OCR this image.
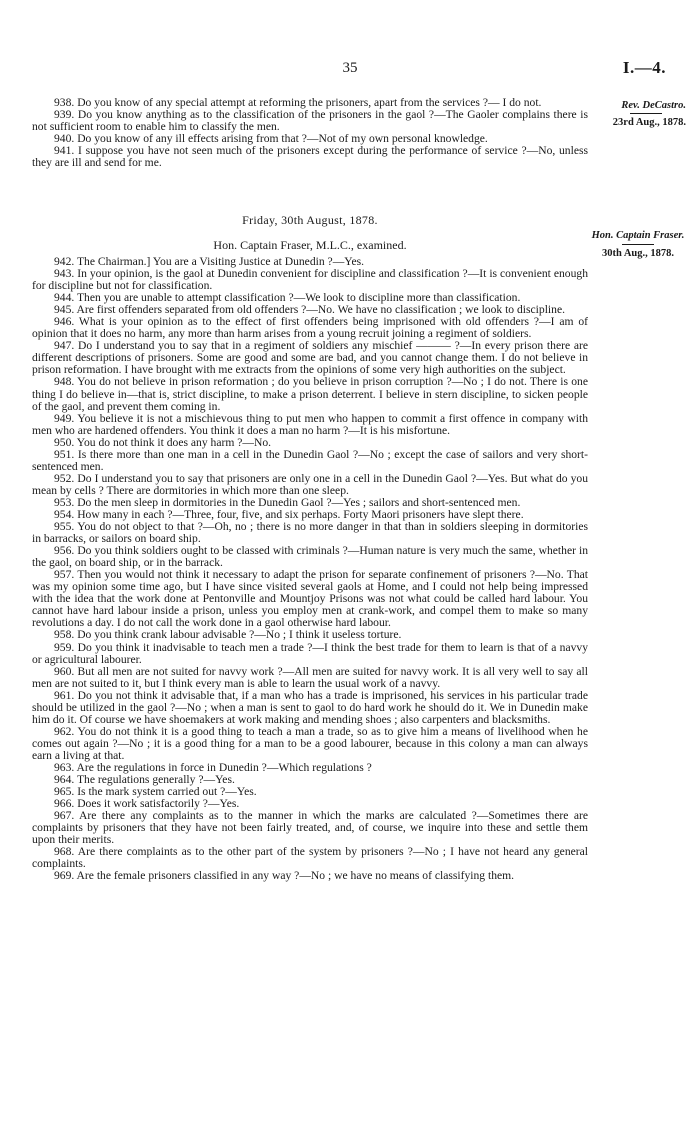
35	I.—4.
Rev. DeCastro.
23rd Aug., 1878.

938. Do you know of any special attempt at reforming the prisoners, apart from the services ?— I do not.

939. Do you know anything as to the classification of the prisoners in the gaol ?—The Gaoler complains there is not sufficient room to enable him to classify the men.

940. Do you know of any ill effects arising from that ?—Not of my own personal knowledge.

941. I suppose you have not seen much of the prisoners except during the performance of service ?—No, unless they are ill and send for me.

Friday, 30th August, 1878.
Hon. Captain Fraser, M.L.C., examined.
Hon. Captain Fraser.
30th Aug., 1878.

942. The Chairman.] You are a Visiting Justice at Dunedin ?—Yes.

943. In your opinion, is the gaol at Dunedin convenient for discipline and classification ?—It is convenient enough for discipline but not for classification.

944. Then you are unable to attempt classification ?—We look to discipline more than classification.

945. Are first offenders separated from old offenders ?—No. We have no classification ; we look to discipline.

946. What is your opinion as to the effect of first offenders being imprisoned with old offenders ?—I am of opinion that it does no harm, any more than harm arises from a young recruit joining a regiment of soldiers.

947. Do I understand you to say that in a regiment of soldiers any mischief ——— ?—In every prison there are different descriptions of prisoners. Some are good and some are bad, and you cannot change them. I do not believe in prison reformation. I have brought with me extracts from the opinions of some very high authorities on the subject.

948. You do not believe in prison reformation ; do you believe in prison corruption ?—No ; I do not. There is one thing I do believe in—that is, strict discipline, to make a prison deterrent. I believe in stern discipline, to sicken people of the gaol, and prevent them coming in.

949. You believe it is not a mischievous thing to put men who happen to commit a first offence in company with men who are hardened offenders. You think it does a man no harm ?—It is his misfortune.

950. You do not think it does any harm ?—No.

951. Is there more than one man in a cell in the Dunedin Gaol ?—No ; except the case of sailors and very short-sentenced men.

952. Do I understand you to say that prisoners are only one in a cell in the Dunedin Gaol ?—Yes. But what do you mean by cells ? There are dormitories in which more than one sleep.

953. Do the men sleep in dormitories in the Dunedin Gaol ?—Yes ; sailors and short-sentenced men.

954. How many in each ?—Three, four, five, and six perhaps. Forty Maori prisoners have slept there.

955. You do not object to that ?—Oh, no ; there is no more danger in that than in soldiers sleeping in dormitories in barracks, or sailors on board ship.

956. Do you think soldiers ought to be classed with criminals ?—Human nature is very much the same, whether in the gaol, on board ship, or in the barrack.

957. Then you would not think it necessary to adapt the prison for separate confinement of prisoners ?—No. That was my opinion some time ago, but I have since visited several gaols at Home, and I could not help being impressed with the idea that the work done at Pentonville and Mountjoy Prisons was not what could be called hard labour. You cannot have hard labour inside a prison, unless you employ men at crank-work, and compel them to make so many revolutions a day. I do not call the work done in a gaol otherwise hard labour.

958. Do you think crank labour advisable ?—No ; I think it useless torture.

959. Do you think it inadvisable to teach men a trade ?—I think the best trade for them to learn is that of a navvy or agricultural labourer.

960. But all men are not suited for navvy work ?—All men are suited for navvy work. It is all very well to say all men are not suited to it, but I think every man is able to learn the usual work of a navvy.

961. Do you not think it advisable that, if a man who has a trade is imprisoned, his services in his particular trade should be utilized in the gaol ?—No ; when a man is sent to gaol to do hard work he should do it. We in Dunedin make him do it. Of course we have shoemakers at work making and mending shoes ; also carpenters and blacksmiths.

962. You do not think it is a good thing to teach a man a trade, so as to give him a means of livelihood when he comes out again ?—No ; it is a good thing for a man to be a good labourer, because in this colony a man can always earn a living at that.

963. Are the regulations in force in Dunedin ?—Which regulations ?

964. The regulations generally ?—Yes.

965. Is the mark system carried out ?—Yes.

966. Does it work satisfactorily ?—Yes.

967. Are there any complaints as to the manner in which the marks are calculated ?—Sometimes there are complaints by prisoners that they have not been fairly treated, and, of course, we inquire into these and settle them upon their merits.

968. Are there complaints as to the other part of the system by prisoners ?—No ; I have not heard any general complaints.

969. Are the female prisoners classified in any way ?—No ; we have no means of classifying them.
